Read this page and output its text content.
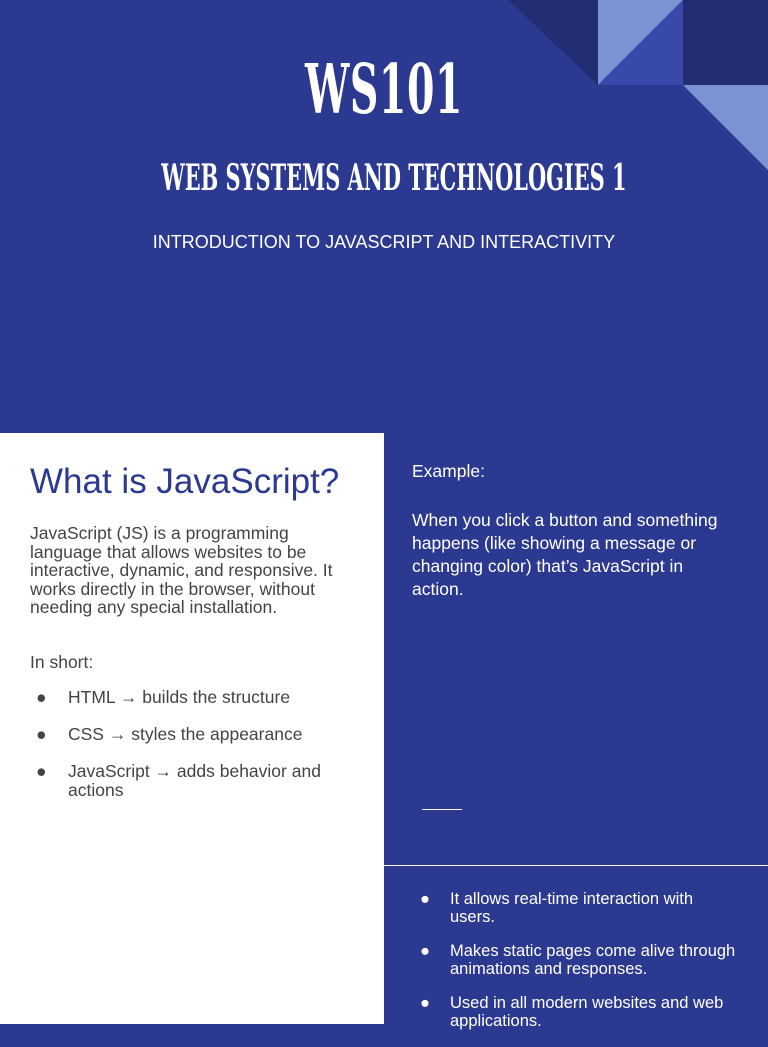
WS101
WEB SYSTEMS AND TECHNOLOGIES 1

INTRODUCTION TO JAVASCRIPT AND INTERACTIVITY

What is JavaScript?

JavaScript (JS) is a programming language that allows websites to be interactive, dynamic, and responsive. It works directly in the browser, without needing any special installation.

In short:

● HTML → builds the structure
● CSS → styles the appearance
● JavaScript → adds behavior and actions

Example:

When you click a button and something happens (like showing a message or changing color) that’s JavaScript in action.

● It allows real-time interaction with users.
● Makes static pages come alive through animations and responses.
● Used in all modern websites and web applications.
